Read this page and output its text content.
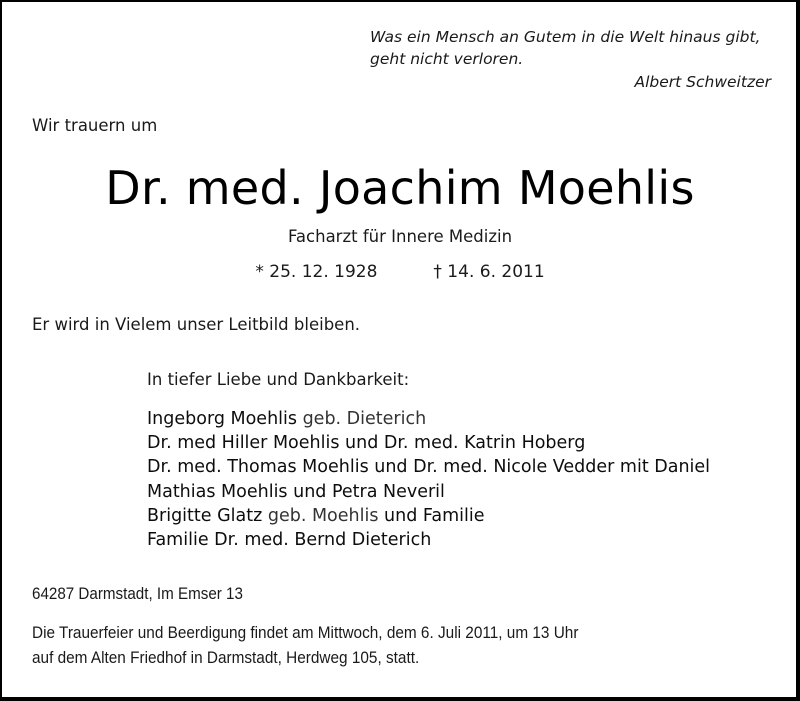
Was ein Mensch an Gutem in die Welt hinaus gibt,
geht nicht verloren.
Albert Schweitzer
Wir trauern um
Dr. med. Joachim Moehlis
Facharzt für Innere Medizin
* 25. 12. 1928	† 14. 6. 2011
Er wird in Vielem unser Leitbild bleiben.
In tiefer Liebe und Dankbarkeit:
Ingeborg Moehlis geb. Dieterich
Dr. med Hiller Moehlis und Dr. med. Katrin Hoberg
Dr. med. Thomas Moehlis und Dr. med. Nicole Vedder mit Daniel
Mathias Moehlis und Petra Neveril
Brigitte Glatz geb. Moehlis und Familie
Familie Dr. med. Bernd Dieterich
64287 Darmstadt, Im Emser 13
Die Trauerfeier und Beerdigung findet am Mittwoch, dem 6. Juli 2011, um 13 Uhr
auf dem Alten Friedhof in Darmstadt, Herdweg 105, statt.
